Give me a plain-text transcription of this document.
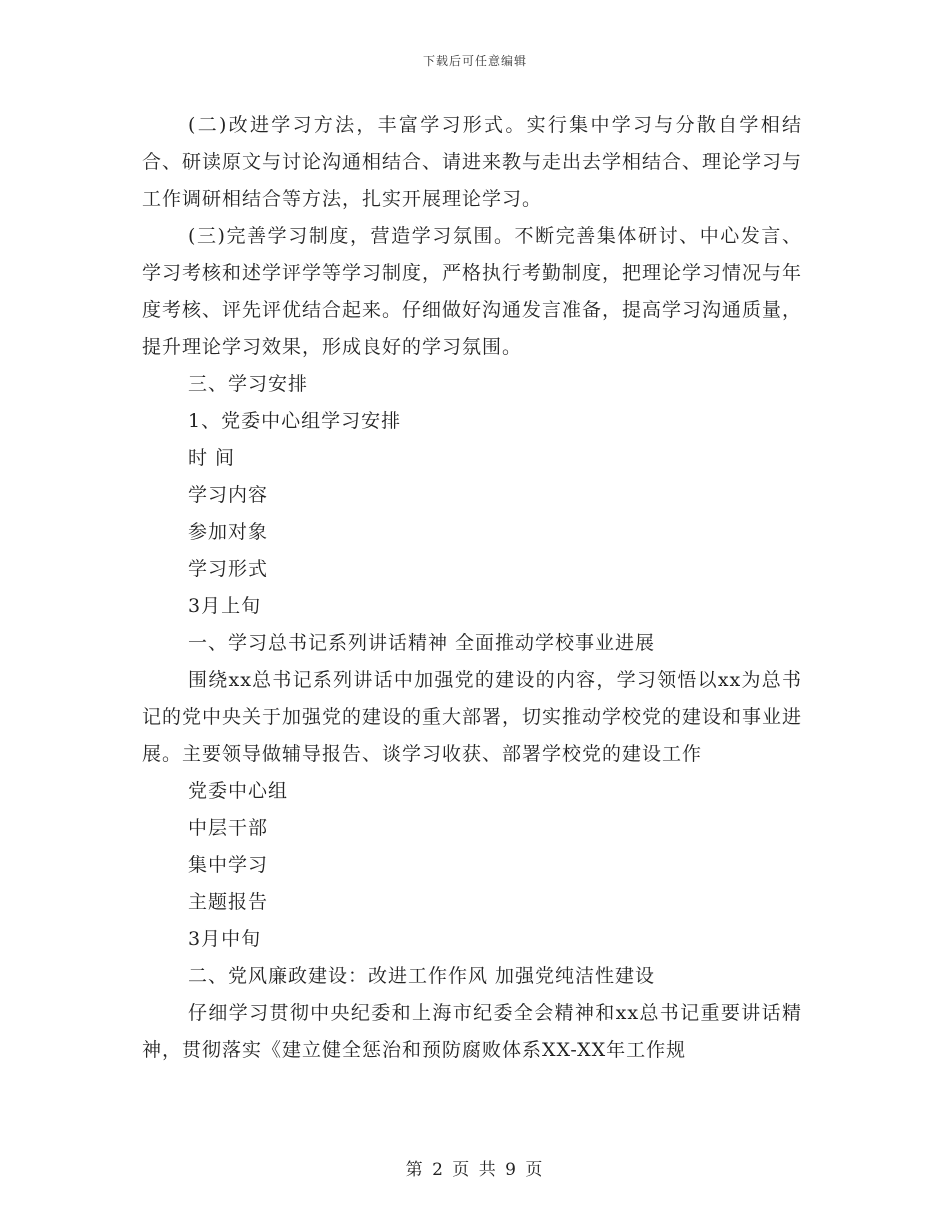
下载后可任意编辑

(二)改进学习方法，丰富学习形式。实行集中学习与分散自学相结合、研读原文与讨论沟通相结合、请进来教与走出去学相结合、理论学习与工作调研相结合等方法，扎实开展理论学习。

(三)完善学习制度，营造学习氛围。不断完善集体研讨、中心发言、学习考核和述学评学等学习制度，严格执行考勤制度，把理论学习情况与年度考核、评先评优结合起来。仔细做好沟通发言准备，提高学习沟通质量，提升理论学习效果，形成良好的学习氛围。

三、学习安排

1、党委中心组学习安排

时 间

学习内容

参加对象

学习形式

3月上旬

一、学习总书记系列讲话精神 全面推动学校事业进展

围绕xx总书记系列讲话中加强党的建设的内容，学习领悟以xx为总书记的党中央关于加强党的建设的重大部署，切实推动学校党的建设和事业进展。主要领导做辅导报告、谈学习收获、部署学校党的建设工作

党委中心组

中层干部

集中学习

主题报告

3月中旬

二、党风廉政建设：改进工作作风 加强党纯洁性建设

仔细学习贯彻中央纪委和上海市纪委全会精神和xx总书记重要讲话精神，贯彻落实《建立健全惩治和预防腐败体系XX-XX年工作规

第 2 页 共 9 页
